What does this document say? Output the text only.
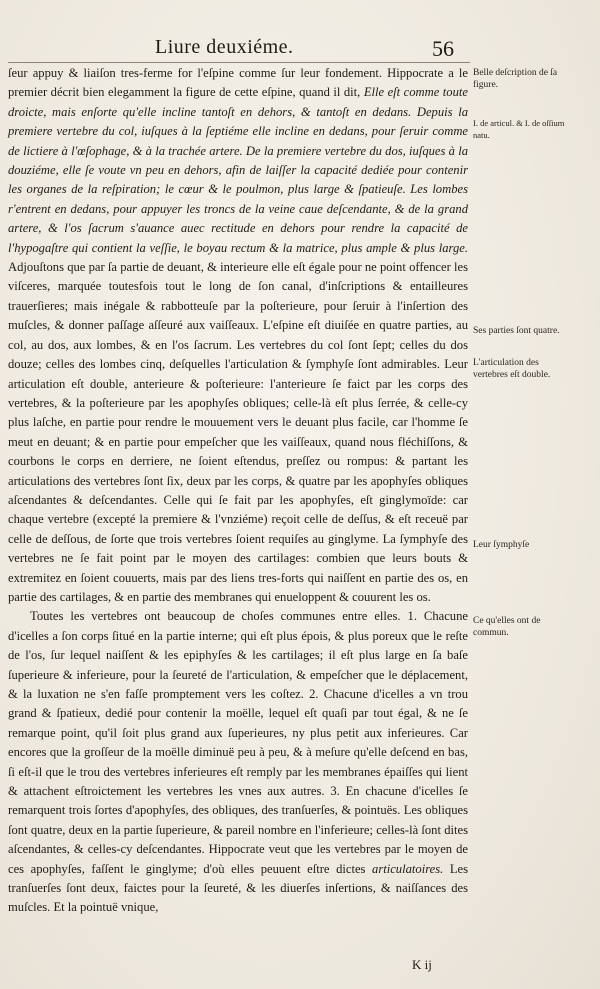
Liure deuxiéme.	56

ſeur appuy & liaiſon tres-ferme for l'eſpine comme ſur leur fondement. Hippocrate a le premier décrit bien elegamment la figure de cette eſpine, quand il dit, Elle eſt comme toute droicte, mais enſorte qu'elle incline tantoſt en dehors, & tantoſt en dedans. Depuis la premiere vertebre du col, iuſques à la ſeptiéme elle incline en dedans, pour ſeruir comme de lictiere à l'œſophage, & à la trachée artere. De la premiere vertebre du dos, iuſques à la douziéme, elle ſe voute vn peu en dehors, afin de laiſſer la capacité dediée pour contenir les organes de la reſpiration; le cœur & le poulmon, plus large & ſpatieuſe. Les lombes r'entrent en dedans, pour appuyer les troncs de la veine caue deſcendante, & de la grand artere, & l'os ſacrum s'auance auec rectitude en dehors pour rendre la capacité de l'hypogaſtre qui contient la veſſie, le boyau rectum & la matrice, plus ample & plus large. Adjouſtons que par ſa partie de deuant, & interieure elle eſt égale pour ne point offencer les viſceres, marquée toutesfois tout le long de ſon canal, d'inſcriptions & entailleures trauerſieres; mais inégale & rabbotteuſe par la poſterieure, pour ſeruir à l'inſertion des muſcles, & donner paſſage aſſeuré aux vaiſſeaux. L'eſpine eſt diuiſée en quatre parties, au col, au dos, aux lombes, & en l'os ſacrum. Les vertebres du col ſont ſept; celles du dos douze; celles des lombes cinq, deſquelles l'articulation & ſymphyſe ſont admirables. Leur articulation eſt double, anterieure & poſterieure: l'anterieure ſe faict par les corps des vertebres, & la poſterieure par les apophyſes obliques; celle-là eſt plus ſerrée, & celle-cy plus laſche, en partie pour rendre le mouuement vers le deuant plus facile, car l'homme ſe meut en deuant; & en partie pour empeſcher que les vaiſſeaux, quand nous fléchiſſons, & courbons le corps en derriere, ne ſoient eſtendus, preſſez ou rompus: & partant les articulations des vertebres ſont ſix, deux par les corps, & quatre par les apophyſes obliques aſcendantes & deſcendantes. Celle qui ſe fait par les apophyſes, eſt ginglymoïde: car chaque vertebre (excepté la premiere & l'vnziéme) reçoit celle de deſſus, & eſt receuë par celle de deſſous, de ſorte que trois vertebres ſoient requiſes au ginglyme. La ſymphyſe des vertebres ne ſe fait point par le moyen des cartilages: combien que leurs bouts & extremitez en ſoient couuerts, mais par des liens tres-forts qui naiſſent en partie des os, en partie des cartilages, & en partie des membranes qui enueloppent & couurent les os.

Toutes les vertebres ont beaucoup de choſes communes entre elles. 1. Chacune d'icelles a ſon corps ſitué en la partie interne; qui eſt plus épois, & plus poreux que le reſte de l'os, ſur lequel naiſſent & les epiphyſes & les cartilages; il eſt plus large en ſa baſe ſuperieure & inferieure, pour la ſeureté de l'articulation, & empeſcher que le déplacement, & la luxation ne s'en faſſe promptement vers les coſtez. 2. Chacune d'icelles a vn trou grand & ſpatieux, dedié pour contenir la moëlle, lequel eſt quaſi par tout égal, & ne ſe remarque point, qu'il ſoit plus grand aux ſuperieures, ny plus petit aux inferieures. Car encores que la groſſeur de la moëlle diminuë peu à peu, & à meſure qu'elle deſcend en bas, ſi eſt-il que le trou des vertebres inferieures eſt remply par les membranes épaiſſes qui lient & attachent eſtroictement les vertebres les vnes aux autres. 3. En chacune d'icelles ſe remarquent trois ſortes d'apophyſes, des obliques, des tranſuerſes, & pointuës. Les obliques ſont quatre, deux en la partie ſuperieure, & pareil nombre en l'inferieure; celles-là ſont dites aſcendantes, & celles-cy deſcendantes. Hippocrate veut que les vertebres par le moyen de ces apophyſes, faſſent le ginglyme; d'où elles peuuent eſtre dictes articulatoires. Les tranſuerſes ſont deux, faictes pour la ſeureté, & les diuerſes inſertions, & naiſſances des muſcles. Et la pointuë vnique,

Belle deſcription de ſa figure.
I. de articul. & I. de oſſium natu.
Ses parties ſont quatre.
L'articulation des vertebres eſt double.
Leur ſymphyſe
Ce qu'elles ont de commun.
K ij
